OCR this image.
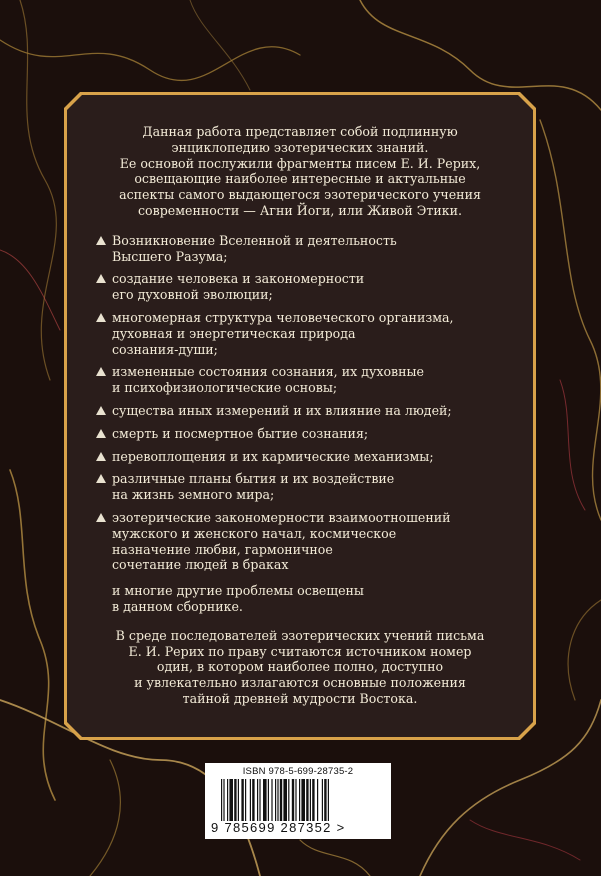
Данная работа представляет собой подлинную
энциклопедию эзотерических знаний.
Ее основой послужили фрагменты писем Е. И. Рерих,
освещающие наиболее интересные и актуальные
аспекты самого выдающегося эзотерического учения
современности — Агни Йоги, или Живой Этики.

Возникновение Вселенной и деятельность
Высшего Разума;
создание человека и закономерности
его духовной эволюции;
многомерная структура человеческого организма,
духовная и энергетическая природа
сознания-души;
измененные состояния сознания, их духовные
и психофизиологические основы;
существа иных измерений и их влияние на людей;
смерть и посмертное бытие сознания;
перевоплощения и их кармические механизмы;
различные планы бытия и их воздействие
на жизнь земного мира;
эзотерические закономерности взаимоотношений
мужского и женского начал, космическое
назначение любви, гармоничное
сочетание людей в браках

и многие другие проблемы освещены
в данном сборнике.

В среде последователей эзотерических учений письма
Е. И. Рерих по праву считаются источником номер
один, в котором наиболее полно, доступно
и увлекательно излагаются основные положения
тайной древней мудрости Востока.

ISBN 978-5-699-28735-2
9 785699 287352 >
